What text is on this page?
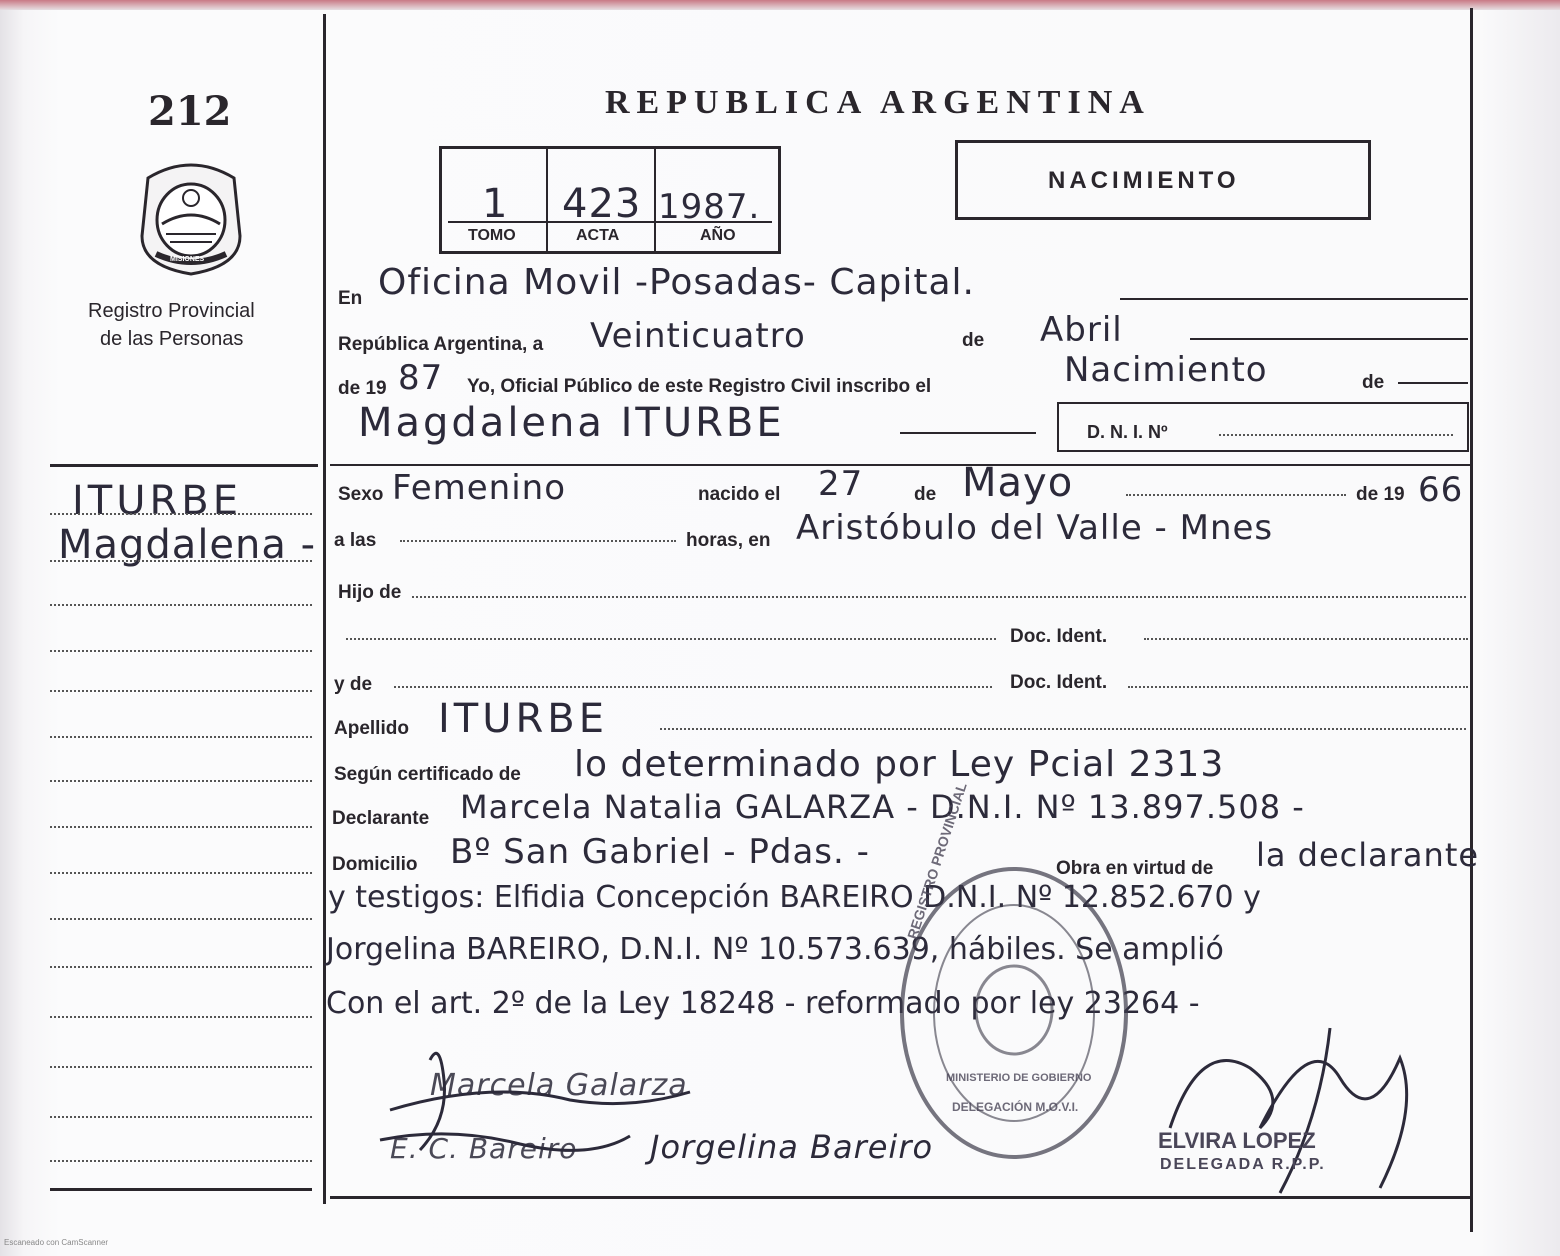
212
MISIONES
Registro Provincial
de las Personas
ITURBE
Magdalena -
REPUBLICA ARGENTINA
1 423 1987.
TOMO	ACTA	AÑO
NACIMIENTO
En Oficina Movil -Posadas- Capital.
República Argentina, a Veinticuatro	de Abril
de 19 87 Yo, Oficial Público de este Registro Civil inscribo el	Nacimiento	de
Magdalena ITURBE	D. N. I. Nº
Sexo Femenino	nacido el 27	de Mayo	de 19 66
a las	horas, en Aristóbulo del Valle - Mnes
Hijo de
Doc. Ident.
y de	Doc. Ident.
Apellido ITURBE
Según certificado de lo determinado por Ley Pcial 2313
Declarante Marcela Natalia GALARZA - D.N.I. Nº 13.897.508 -
Domicilio Bº San Gabriel - Pdas. -	Obra en virtud de la declarante
y testigos: Elfidia Concepción BAREIRO D.N.I. Nº 12.852.670 y
Jorgelina BAREIRO, D.N.I. Nº 10.573.639, hábiles. Se amplió
Con el art. 2º de la Ley 18248 - reformado por ley 23264 -
REGISTRO PROVINCIAL
MINISTERIO DE GOBIERNO
DELEGACIÓN M.O.V.I.
Marcela Galarza
E. C. Bareiro Jorgelina Bareiro	ELVIRA LOPEZ
DELEGADA R.P.P.
Escaneado con CamScanner
